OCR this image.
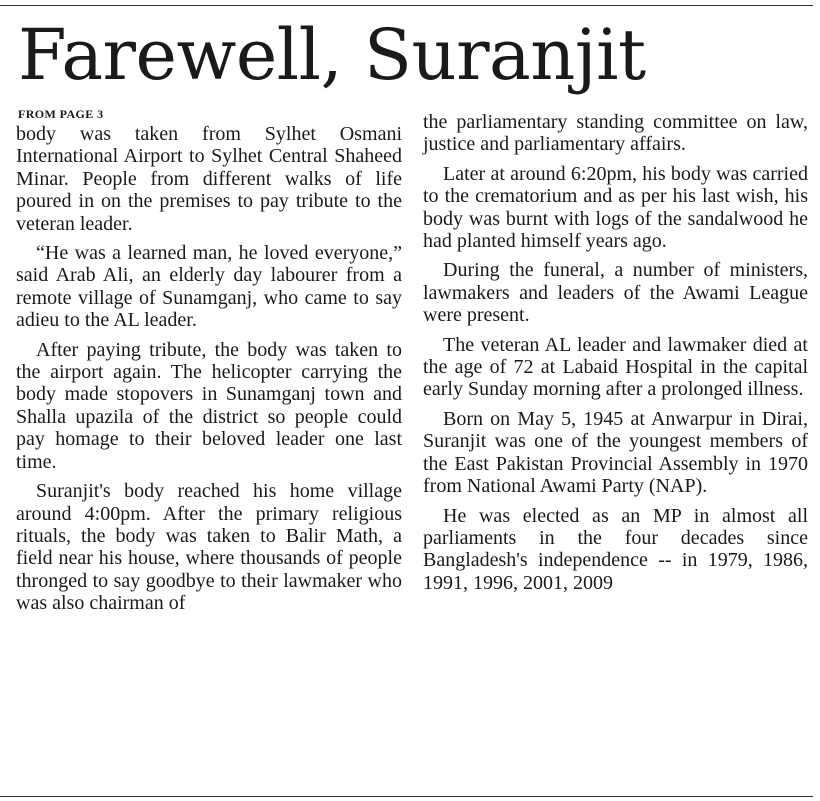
Farewell, Suranjit
FROM PAGE 3

body was taken from Sylhet Osmani International Airport to Sylhet Central Shaheed Minar. People from different walks of life poured in on the premises to pay tribute to the veteran leader.

“He was a learned man, he loved everyone,” said Arab Ali, an elderly day labourer from a remote village of Sunamganj, who came to say adieu to the AL leader.

After paying tribute, the body was taken to the airport again. The helicopter carrying the body made stopovers in Sunamganj town and Shalla upazila of the district so people could pay homage to their beloved leader one last time.

Suranjit's body reached his home village around 4:00pm. After the primary religious rituals, the body was taken to Balir Math, a field near his house, where thousands of people thronged to say goodbye to their lawmaker who was also chairman of

the parliamentary standing committee on law, justice and parliamentary affairs.

Later at around 6:20pm, his body was carried to the crematorium and as per his last wish, his body was burnt with logs of the sandalwood he had planted himself years ago.

During the funeral, a number of ministers, lawmakers and leaders of the Awami League were present.

The veteran AL leader and lawmaker died at the age of 72 at Labaid Hospital in the capital early Sunday morning after a prolonged illness.

Born on May 5, 1945 at Anwarpur in Dirai, Suranjit was one of the youngest members of the East Pakistan Provincial Assembly in 1970 from National Awami Party (NAP).

He was elected as an MP in almost all parliaments in the four decades since Bangladesh's independence -- in 1979, 1986, 1991, 1996, 2001, 2009
